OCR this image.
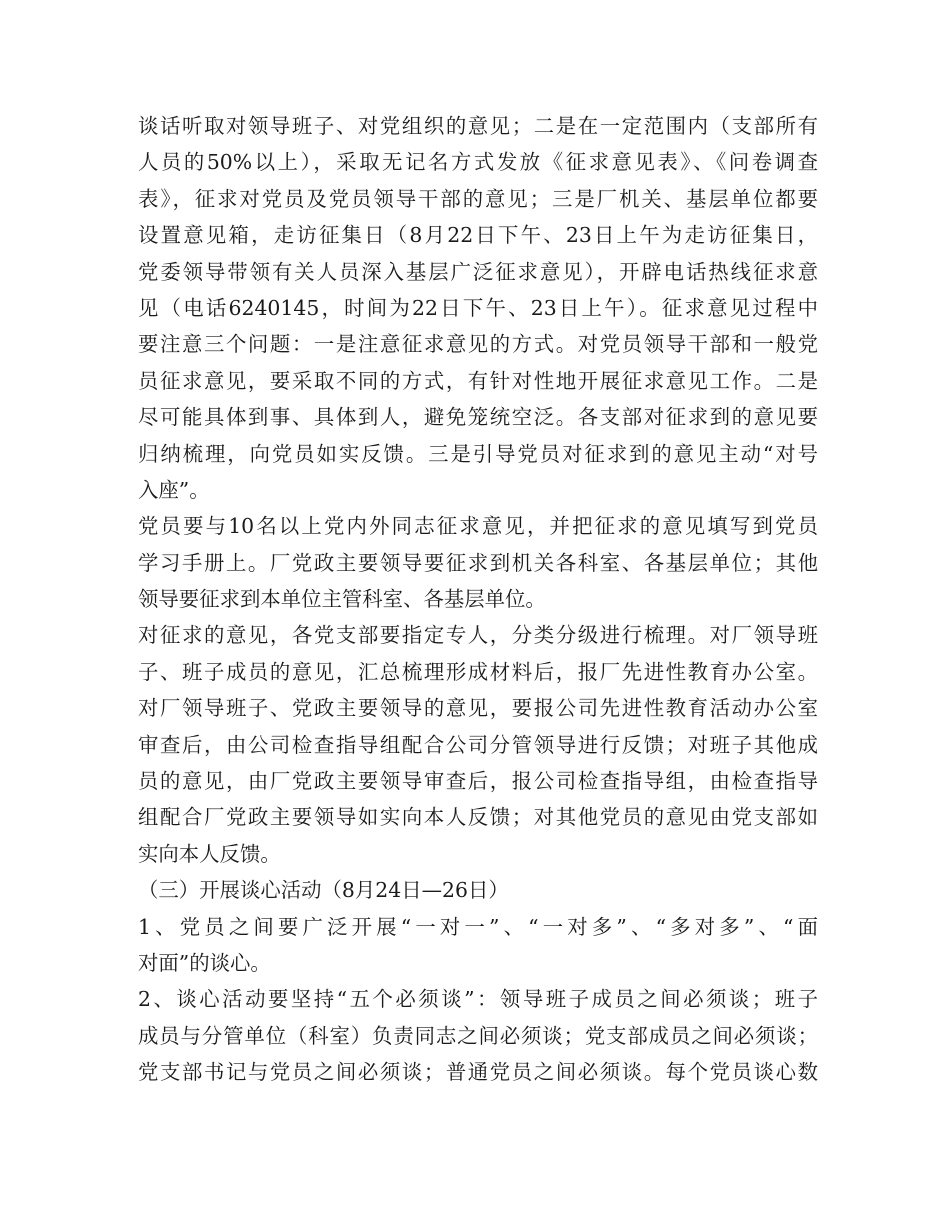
谈话听取对领导班子、对党组织的意见；二是在一定范围内（支部所有
人员的50%以上），采取无记名方式发放《征求意见表》、《问卷调查
表》，征求对党员及党员领导干部的意见；三是厂机关、基层单位都要
设置意见箱，走访征集日（8月22日下午、23日上午为走访征集日，
党委领导带领有关人员深入基层广泛征求意见），开辟电话热线征求意
见（电话6240145，时间为22日下午、23日上午）。征求意见过程中
要注意三个问题：一是注意征求意见的方式。对党员领导干部和一般党
员征求意见，要采取不同的方式，有针对性地开展征求意见工作。二是
尽可能具体到事、具体到人，避免笼统空泛。各支部对征求到的意见要
归纳梳理，向党员如实反馈。三是引导党员对征求到的意见主动“对号
入座”。
党员要与10名以上党内外同志征求意见，并把征求的意见填写到党员
学习手册上。厂党政主要领导要征求到机关各科室、各基层单位；其他
领导要征求到本单位主管科室、各基层单位。
对征求的意见，各党支部要指定专人，分类分级进行梳理。对厂领导班
子、班子成员的意见，汇总梳理形成材料后，报厂先进性教育办公室。
对厂领导班子、党政主要领导的意见，要报公司先进性教育活动办公室
审查后，由公司检查指导组配合公司分管领导进行反馈；对班子其他成
员的意见，由厂党政主要领导审查后，报公司检查指导组，由检查指导
组配合厂党政主要领导如实向本人反馈；对其他党员的意见由党支部如
实向本人反馈。
（三）开展谈心活动（8月24日—26日）
1、党员之间要广泛开展“一对一”、“一对多”、“多对多”、“面
对面”的谈心。
2、谈心活动要坚持“五个必须谈”：领导班子成员之间必须谈；班子
成员与分管单位（科室）负责同志之间必须谈；党支部成员之间必须谈；
党支部书记与党员之间必须谈；普通党员之间必须谈。每个党员谈心数
